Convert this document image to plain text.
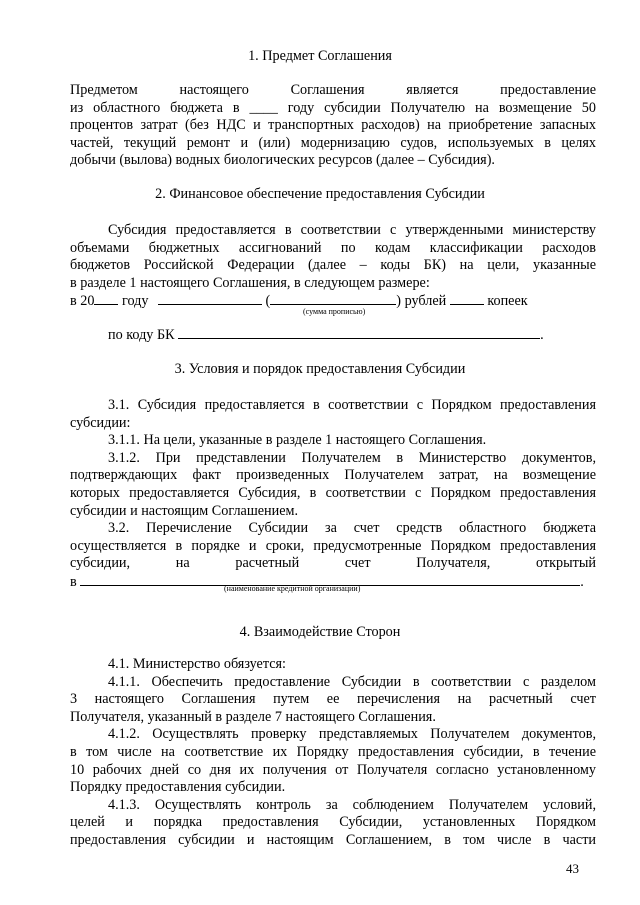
1. Предмет Соглашения
Предметом настоящего Соглашения является предоставление
из областного бюджета в ____ году субсидии Получателю на возмещение 50
процентов затрат (без НДС и транспортных расходов) на приобретение запасных
частей, текущий ремонт и (или) модернизацию судов, используемых в целях
добычи (вылова) водных биологических ресурсов (далее – Субсидия).
2. Финансовое обеспечение предоставления Субсидии
Субсидия предоставляется в соответствии с утвержденными министерству
объемами бюджетных ассигнований по кодам классификации расходов
бюджетов Российской Федерации (далее – коды БК) на цели, указанные
в разделе 1 настоящего Соглашения, в следующем размере:
в 20 году	(	) рублей	копеек
(сумма прописью)
по коду БК	.
3. Условия и порядок предоставления Субсидии
3.1. Субсидия предоставляется в соответствии с Порядком предоставления
субсидии:
3.1.1. На цели, указанные в разделе 1 настоящего Соглашения.
3.1.2. При представлении Получателем в Министерство документов,
подтверждающих факт произведенных Получателем затрат, на возмещение
которых предоставляется Субсидия, в соответствии с Порядком предоставления
субсидии и настоящим Соглашением.
3.2. Перечисление Субсидии за счет средств областного бюджета
осуществляется в порядке и сроки, предусмотренные Порядком предоставления
субсидии, на расчетный счет Получателя, открытый
в	.
(наименование кредитной организации)
4. Взаимодействие Сторон
4.1. Министерство обязуется:
4.1.1. Обеспечить предоставление Субсидии в соответствии с разделом
3 настоящего Соглашения путем ее перечисления на расчетный счет
Получателя, указанный в разделе 7 настоящего Соглашения.
4.1.2. Осуществлять проверку представляемых Получателем документов,
в том числе на соответствие их Порядку предоставления субсидии, в течение
10 рабочих дней со дня их получения от Получателя согласно установленному
Порядку предоставления субсидии.
4.1.3. Осуществлять контроль за соблюдением Получателем условий,
целей и порядка предоставления Субсидии, установленных Порядком
предоставления субсидии и настоящим Соглашением, в том числе в части
43
